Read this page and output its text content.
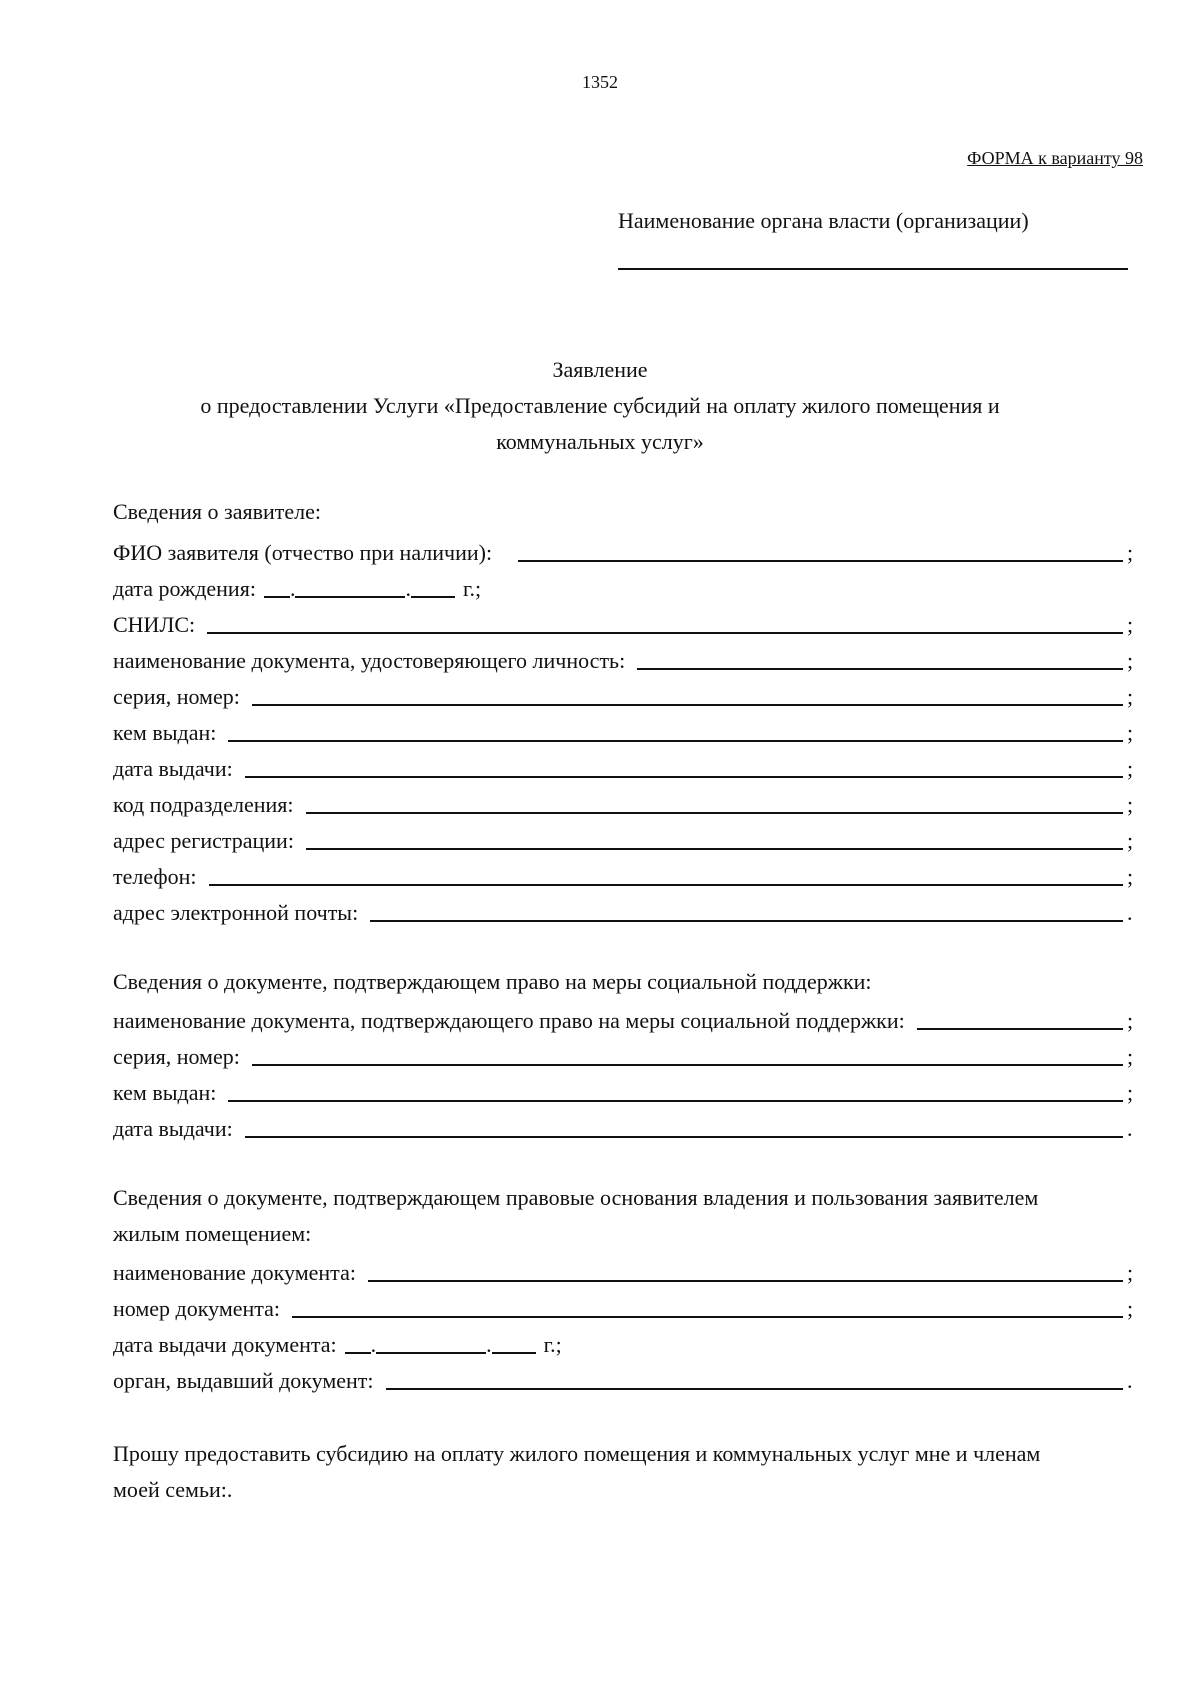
1352
ФОРМА к варианту 98
Наименование органа власти (организации)
Заявление
о предоставлении Услуги «Предоставление субсидий на оплату жилого помещения и
коммунальных услуг»
Сведения о заявителе:
ФИО заявителя (отчество при наличии):	;
дата рождения: .	. г.;
СНИЛС:	;
наименование документа, удостоверяющего личность:	;
серия, номер:	;
кем выдан:	;
дата выдачи:	;
код подразделения:	;
адрес регистрации:	;
телефон:	;
адрес электронной почты:	.
Сведения о документе, подтверждающем право на меры социальной поддержки:
наименование документа, подтверждающего право на меры социальной поддержки:	;
серия, номер:	;
кем выдан:	;
дата выдачи:	.
Сведения о документе, подтверждающем правовые основания владения и пользования заявителем
жилым помещением:
наименование документа:	;
номер документа:	;
дата выдачи документа: .	. г.;
орган, выдавший документ:	.
Прошу предоставить субсидию на оплату жилого помещения и коммунальных услуг мне и членам
моей семьи:.
